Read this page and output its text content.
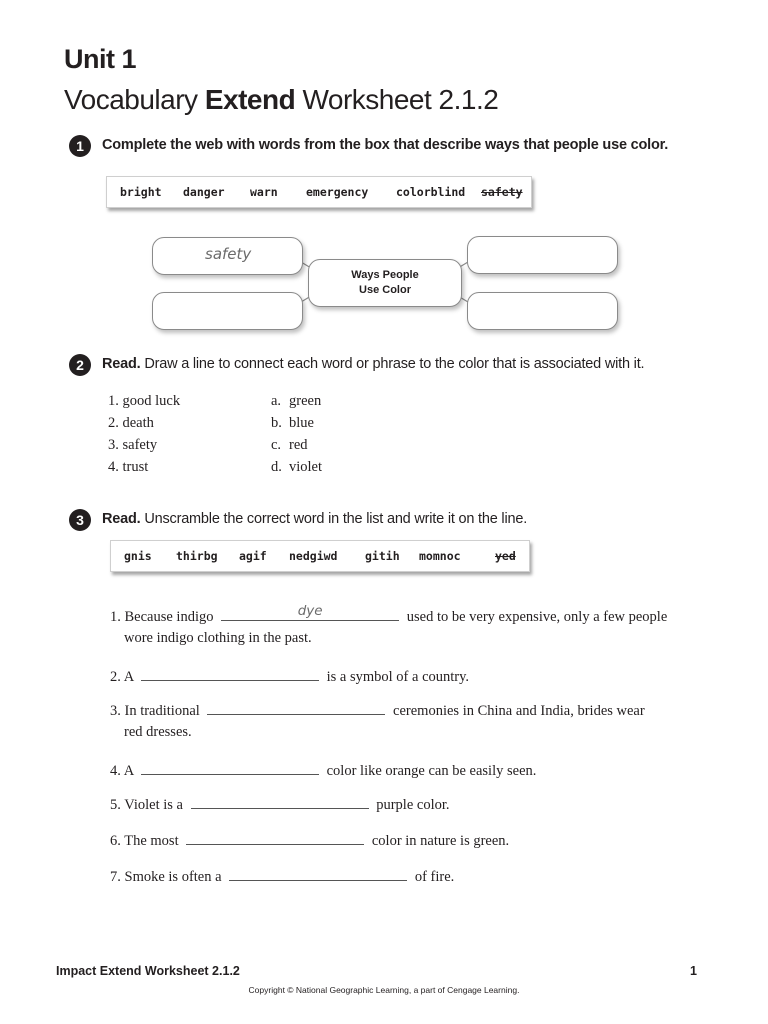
Unit 1
Vocabulary Extend Worksheet 2.1.2
1	Complete the web with words from the box that describe ways that people use color.
bright danger warn emergency colorblind safety
safety
Ways People
Use Color
2	Read. Draw a line to connect each word or phrase to the color that is associated with it.
1. good luck
2. death
3. safety
4. trust
a. green
b. blue
c. red
d. violet
3	Read. Unscramble the correct word in the list and write it on the line.
gnis thirbg agif nedgiwd gitih momnoc	yed
1. Because indigo	dye	used to be very expensive, only a few people
wore indigo clothing in the past.
2. A	is a symbol of a country.
3. In traditional	ceremonies in China and India, brides wear
red dresses.
4. A	color like orange can be easily seen.
5. Violet is a	purple color.
6. The most	color in nature is green.
7. Smoke is often a	of fire.
Impact Extend Worksheet 2.1.2	1
Copyright © National Geographic Learning, a part of Cengage Learning.
